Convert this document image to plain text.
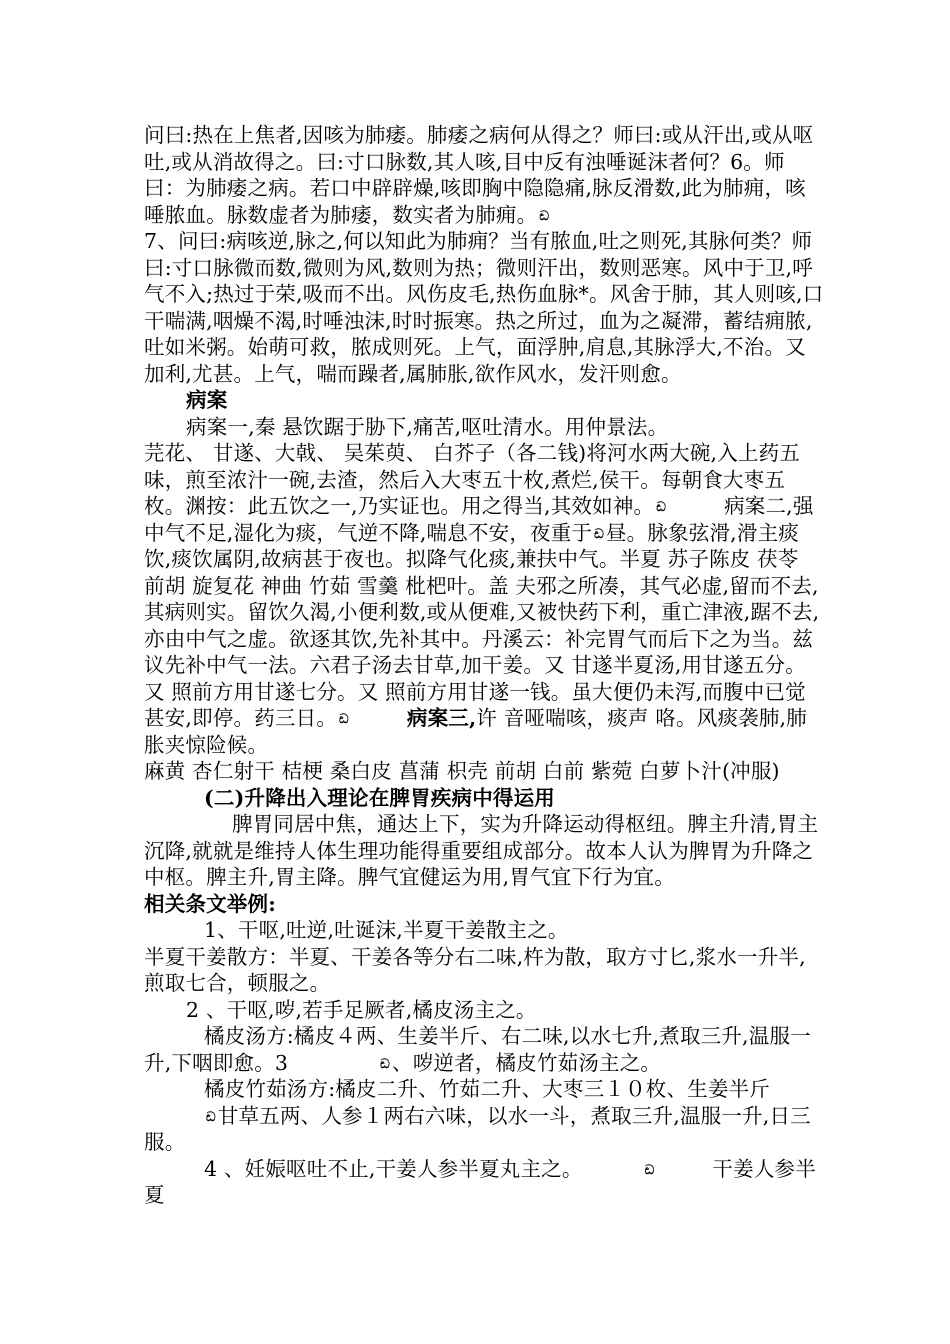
问曰:热在上焦者,因咳为肺痿。肺痿之病何从得之？师曰:或从汗出,或从呕吐,或从消故得之。曰:寸口脉数,其人咳,目中反有浊唾诞沫者何？6。师曰：为肺痿之病。若口中辟辟燥,咳即胸中隐隐痛,脉反滑数,此为肺痈，咳唾脓血。脉数虚者为肺痿，数实者为肺痈。 ඩ

7、问曰:病咳逆,脉之,何以知此为肺痈？当有脓血,吐之则死,其脉何类？师曰:寸口脉微而数,微则为风,数则为热；微则汗出，数则恶寒。风中于卫,呼气不入;热过于荣,吸而不出。风伤皮毛,热伤血脉*。风舍于肺，其人则咳,口干喘满,咽燥不渴,时唾浊沫,时时振寒。热之所过，血为之凝滞，蓄结痈脓,吐如米粥。始萌可救，脓成则死。上气，面浮肿,肩息,其脉浮大,不治。又加利,尤甚。上气，喘而躁者,属肺胀,欲作风水，发汗则愈。

病案

病案一,秦 悬饮踞于胁下,痛苦,呕吐清水。用仲景法。

芫花、 甘遂、大戟、 吴茱萸、 白芥子（各二钱)将河水两大碗,入上药五味，煎至浓汁一碗,去渣，然后入大枣五十枚,煮烂,侯干。每朝食大枣五枚。渊按：此五饮之一,乃实证也。用之得当,其效如神。 ඩ	病案二,强 中气不足,湿化为痰，气逆不降,喘息不安，夜重于 ඩ昼。脉象弦滑,滑主痰饮,痰饮属阴,故病甚于夜也。拟降气化痰,兼扶中气。半夏 苏子陈皮 茯苓 前胡 旋复花 神曲 竹茹 雪羹 枇杷叶。盖 夫邪之所凑，其气必虚,留而不去,其病则实。留饮久渴,小便利数,或从便难,又被快药下利，重亡津液,踞不去,亦由中气之虚。欲逐其饮,先补其中。丹溪云：补完胃气而后下之为当。兹议先补中气一法。六君子汤去甘草,加干姜。又 甘遂半夏汤,用甘遂五分。又 照前方用甘遂七分。又 照前方用甘遂一钱。虽大便仍未泻,而腹中已觉甚安,即停。药三日。 ඩ	病案三,许 音哑喘咳，痰声 咯。风痰袭肺,肺胀夹惊险候。

麻黄 杏仁射干 桔梗 桑白皮 菖蒲 枳壳 前胡 白前 紫菀 白萝卜汁(冲服)

(二)升降出入理论在脾胃疾病中得运用

脾胃同居中焦，通达上下，实为升降运动得枢纽。脾主升清,胃主沉降,就就是维持人体生理功能得重要组成部分。故本人认为脾胃为升降之中枢。脾主升,胃主降。脾气宜健运为用,胃气宜下行为宜。

相关条文举例:

1、干呕,吐逆,吐诞沫,半夏干姜散主之。

半夏干姜散方：半夏、干姜各等分右二味,杵为散，取方寸匕,浆水一升半,煎取七合，顿服之。

2 、干呕,哕,若手足厥者,橘皮汤主之。

橘皮汤方:橘皮４两、生姜半斤、右二味,以水七升,煮取三升,温服一升,下咽即愈。3	ඩ、哕逆者，橘皮竹茹汤主之。

橘皮竹茹汤方:橘皮二升、竹茹二升、大枣三１０枚、生姜半斤ඩ甘草五两、人参１两右六味，以水一斗，煮取三升,温服一升,日三服。

4 、妊娠呕吐不止,干姜人参半夏丸主之。	ඩ	干姜人参半夏
